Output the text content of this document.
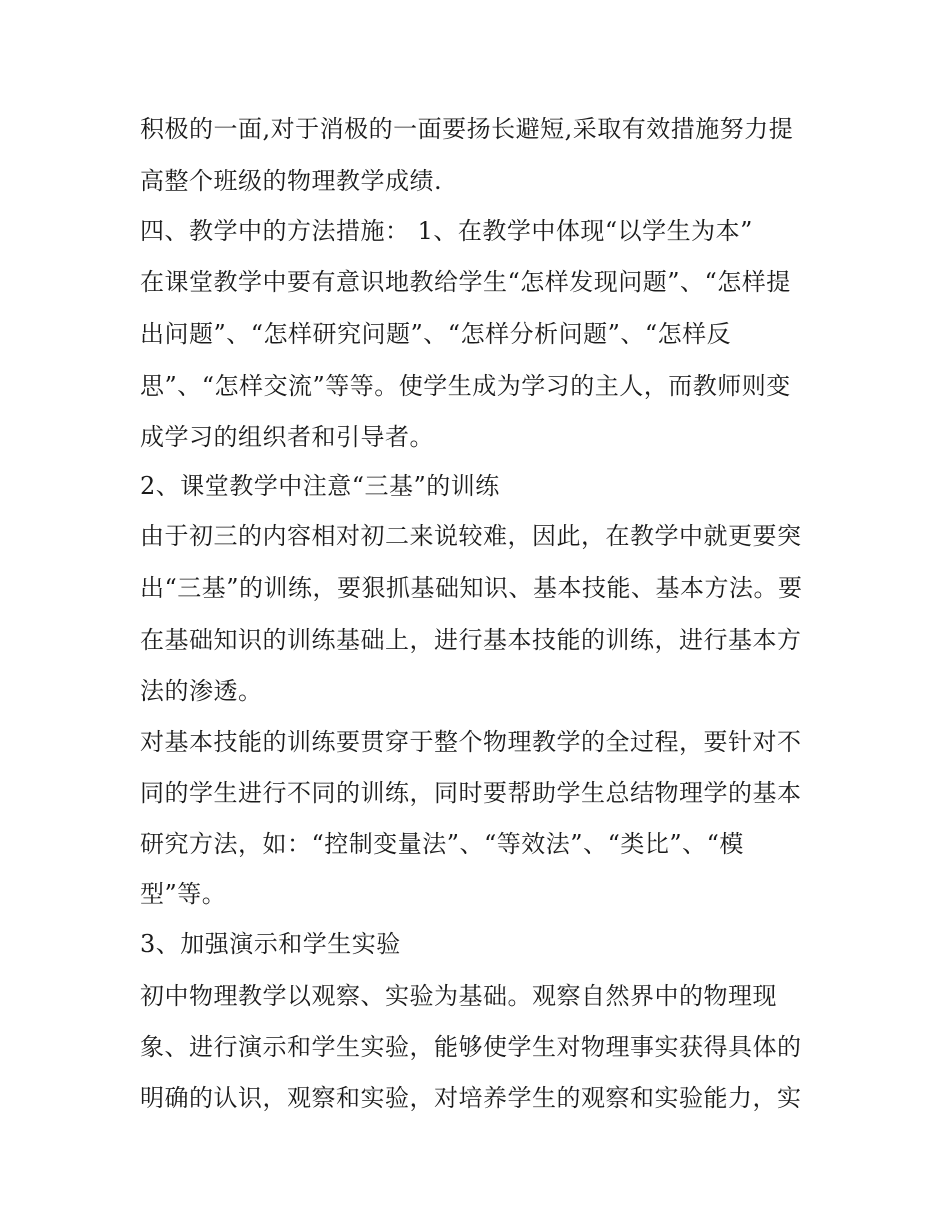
积极的一面,对于消极的一面要扬长避短,采取有效措施努力提
高整个班级的物理教学成绩.
四、教学中的方法措施： 1、在教学中体现“以学生为本”
在课堂教学中要有意识地教给学生“怎样发现问题”、“怎样提
出问题”、“怎样研究问题”、“怎样分析问题”、“怎样反
思”、“怎样交流”等等。使学生成为学习的主人，而教师则变
成学习的组织者和引导者。
2、课堂教学中注意“三基”的训练
由于初三的内容相对初二来说较难，因此，在教学中就更要突
出“三基”的训练，要狠抓基础知识、基本技能、基本方法。要
在基础知识的训练基础上，进行基本技能的训练，进行基本方
法的渗透。
对基本技能的训练要贯穿于整个物理教学的全过程，要针对不
同的学生进行不同的训练，同时要帮助学生总结物理学的基本
研究方法，如：“控制变量法”、“等效法”、“类比”、“模
型”等。
3、加强演示和学生实验
初中物理教学以观察、实验为基础。观察自然界中的物理现
象、进行演示和学生实验，能够使学生对物理事实获得具体的
明确的认识，观察和实验，对培养学生的观察和实验能力，实
